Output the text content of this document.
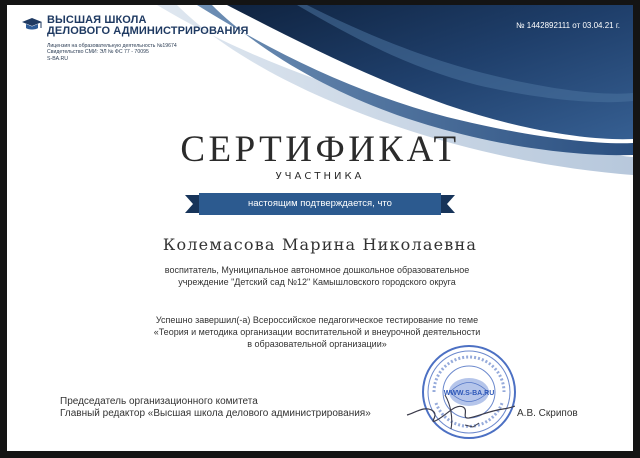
ВЫСШАЯ ШКОЛА
ДЕЛОВОГО АДМИНИСТРИРОВАНИЯ
Лицензия на образовательную деятельность №19674
Свидетельство СМИ: ЭЛ № ФС 77 - 70095
S-BA.RU
№ 1442892111 от 03.04.21 г.
СЕРТИФИКАТ
УЧАСТНИКА
настоящим подтверждается, что
Колемасова Марина Николаевна
воспитатель, Муниципальное автономное дошкольное образовательное
учреждение "Детский сад №12" Камышловского городского округа
Успешно завершил(-а) Всероссийское педагогическое тестирование по теме
«Теория и методика организации воспитательной и внеурочной деятельности
в образовательной организации»
Председатель организационного комитета
Главный редактор «Высшая школа делового администрирования»
WWW.S-BA.RU
А.В. Скрипов
